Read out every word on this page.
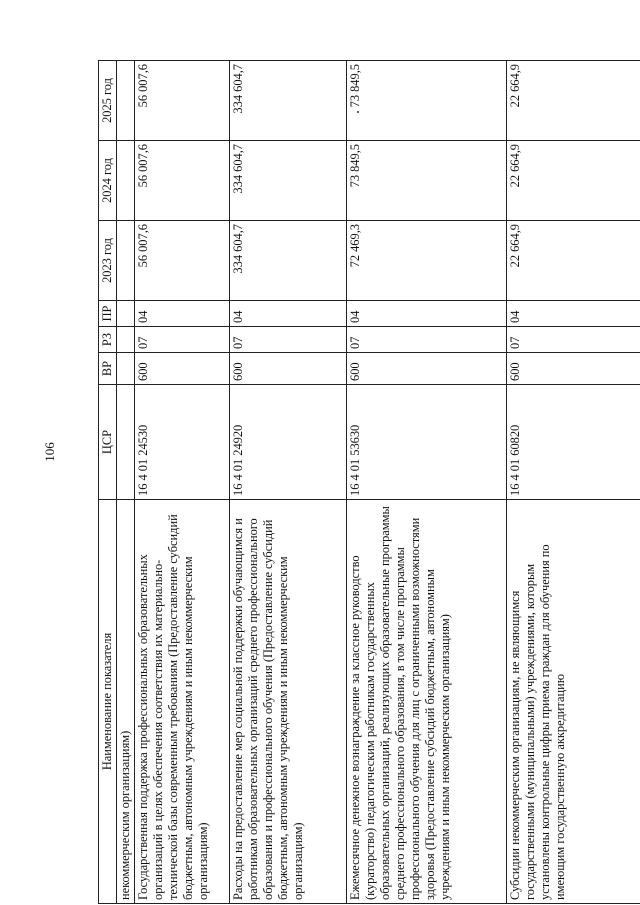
106
Наименование показателя	ЦСР	ВР	РЗ	ПР	2023 год	2024 год	2025 год
некоммерческим организациям)							
Государственная поддержка профессиональных образовательных организаций в целях обеспечения соответствия их материально-технической базы современным требованиям (Предоставление субсидий бюджетным, автономным учреждениям и иным некоммерческим организациям)	16 4 01 24530	600	07	04	56 007,6	56 007,6	56 007,6
Расходы на предоставление мер социальной поддержки обучающимся и работникам образовательных организаций среднего профессионального образования и профессионального обучения (Предоставление субсидий бюджетным, автономным учреждениям и иным некоммерческим организациям)	16 4 01 24920	600	07	04	334 604,7	334 604,7	334 604,7
Ежемесячное денежное вознаграждение за классное руководство (кураторство) педагогическим работникам государственных образовательных организаций, реализующих образовательные программы среднего профессионального образования, в том числе программы профессионального обучения для лиц с ограниченными возможностями здоровья (Предоставление субсидий бюджетным, автономным учреждениям и иным некоммерческим организациям)	16 4 01 53630	600	07	04	72 469,3	73 849,5	73 849,5
Субсидии некоммерческим организациям, не являющимся государственными (муниципальными) учреждениями, которым установлены контрольные цифры приема граждан для обучения по имеющим государственную аккредитацию	16 4 01 60820	600	07	04	22 664,9	22 664,9	22 664,9
